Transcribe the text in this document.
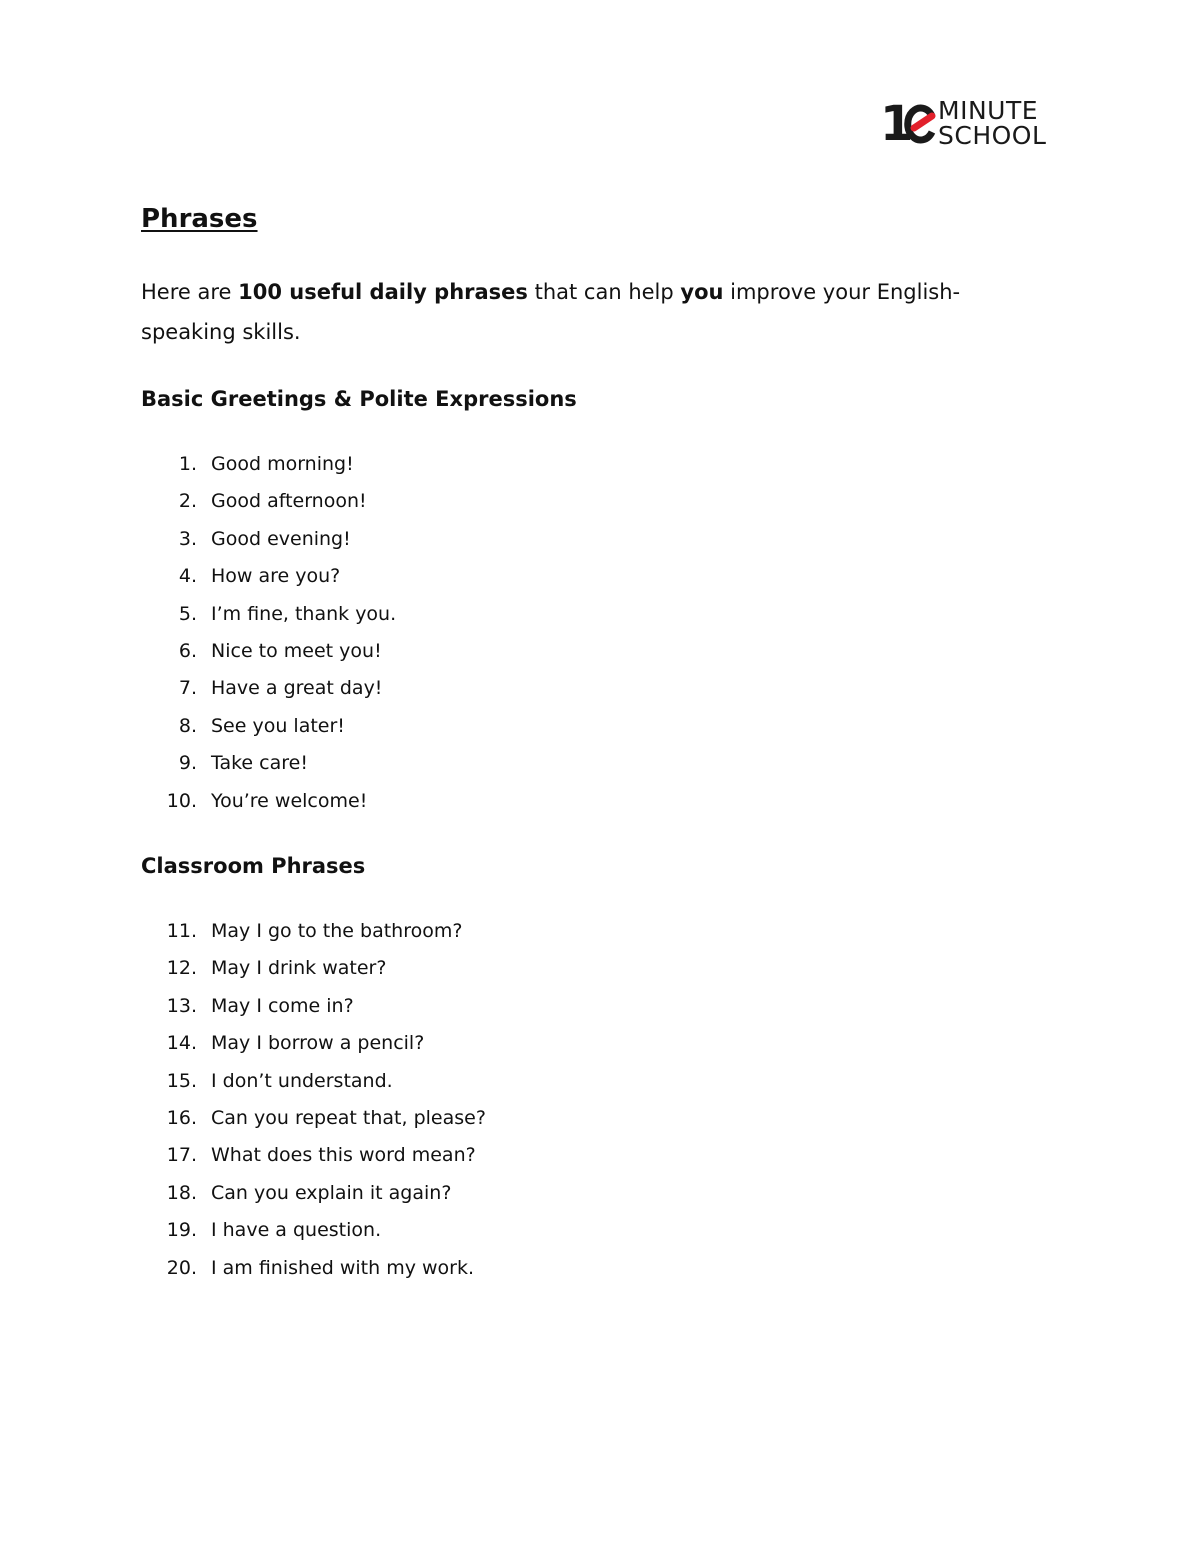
1 MINUTE
SCHOOL
Phrases

Here are 100 useful daily phrases that can help you improve your English-speaking skills.

Basic Greetings & Polite Expressions
1. Good morning!
2. Good afternoon!
3. Good evening!
4. How are you?
5. I’m fine, thank you.
6. Nice to meet you!
7. Have a great day!
8. See you later!
9. Take care!
10. You’re welcome!
Classroom Phrases
11. May I go to the bathroom?
12. May I drink water?
13. May I come in?
14. May I borrow a pencil?
15. I don’t understand.
16. Can you repeat that, please?
17. What does this word mean?
18. Can you explain it again?
19. I have a question.
20. I am finished with my work.
